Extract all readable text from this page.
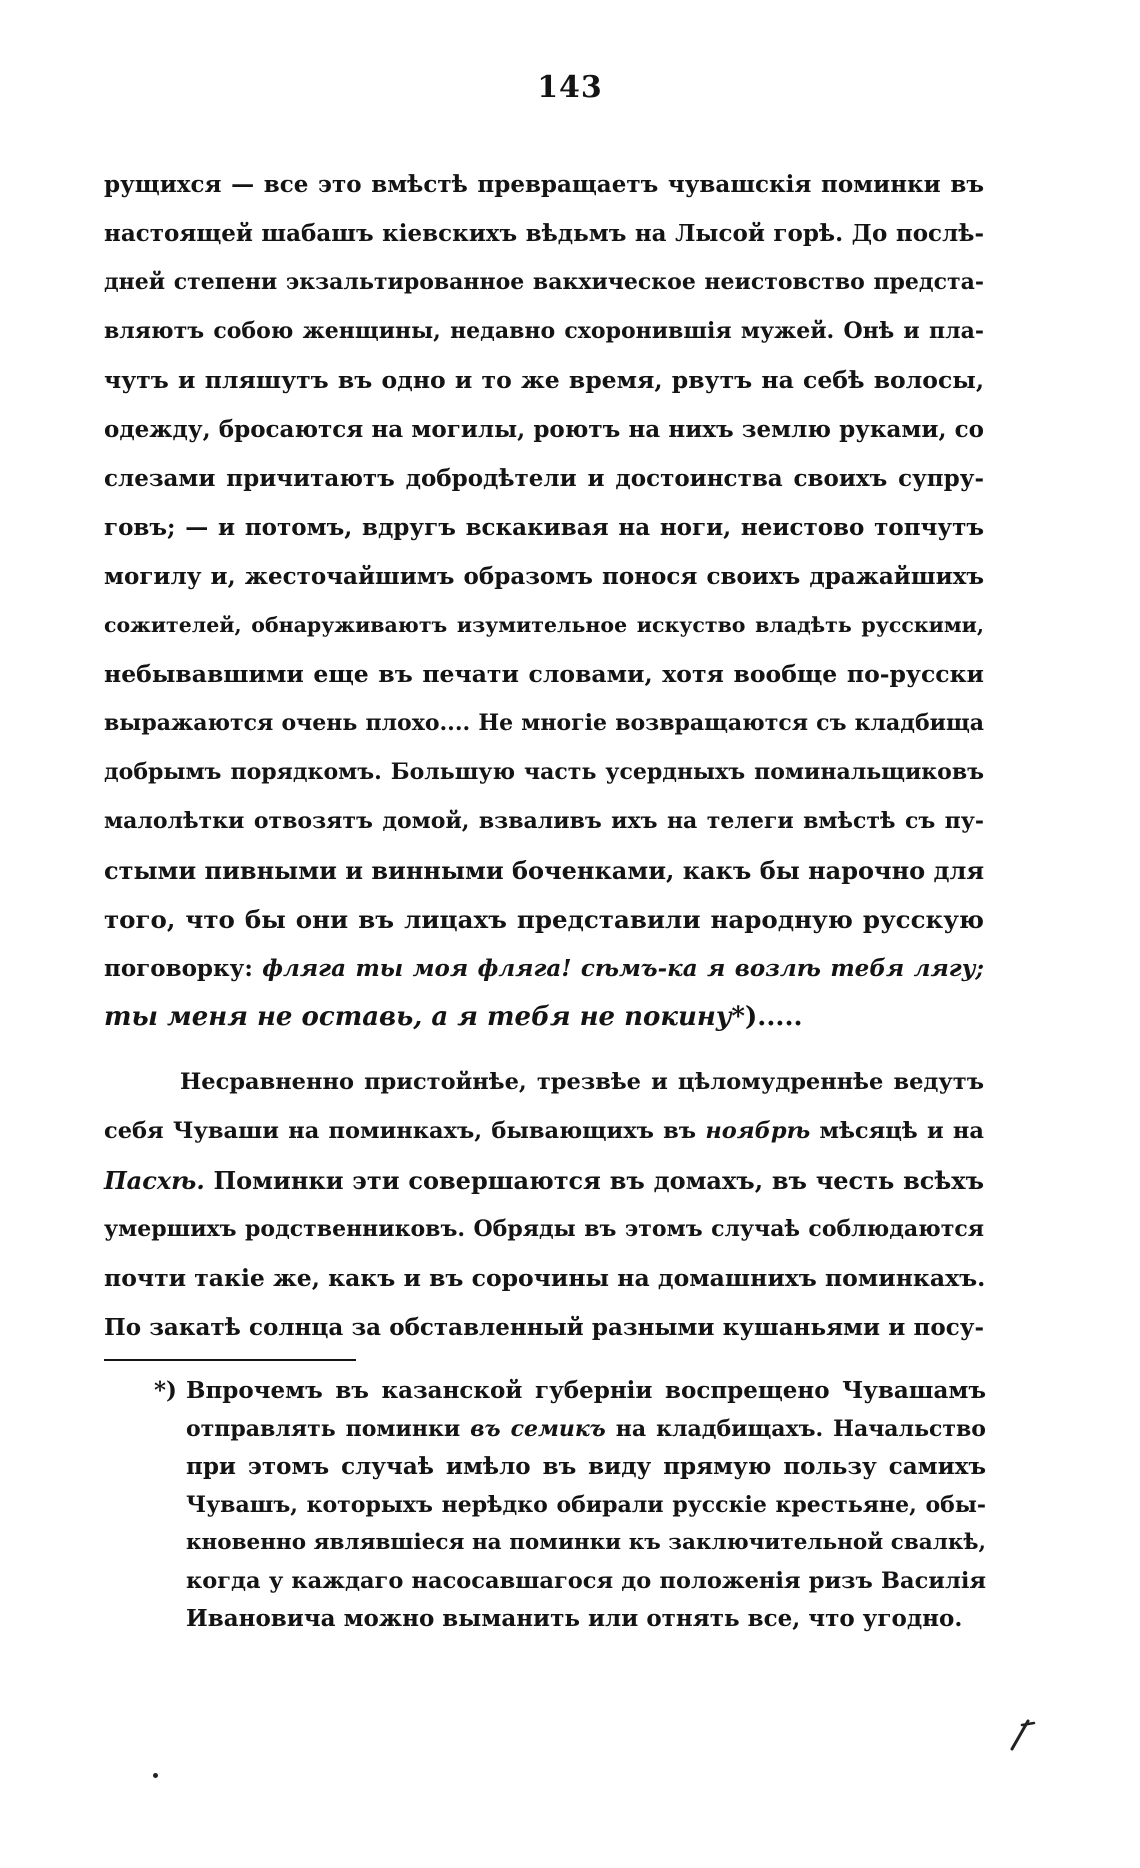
143
рущихся — все это вмѣстѣ превращаетъ чувашскія поминки въ
настоящей шабашъ кіевскихъ вѣдьмъ на Лысой горѣ. До послѣ-
дней степени экзальтированное вакхическое неистовство предста-
вляютъ собою женщины, недавно схоронившія мужей. Онѣ и пла-
чутъ и пляшутъ въ одно и то же время, рвутъ на себѣ волосы,
одежду, бросаются на могилы, роютъ на нихъ землю руками, со
слезами причитаютъ добродѣтели и достоинства своихъ супру-
говъ; — и потомъ, вдругъ вскакивая на ноги, неистово топчутъ
могилу и, жесточайшимъ образомъ понося своихъ дражайшихъ
сожителей, обнаруживаютъ изумительное искуство владѣть русскими,
небывавшими еще въ печати словами, хотя вообще по-русски
выражаются очень плохо.... Не многіе возвращаются съ кладбища
добрымъ порядкомъ. Большую часть усердныхъ поминальщиковъ
малолѣтки отвозятъ домой, взваливъ ихъ на телеги вмѣстѣ съ пу-
стыми пивными и винными боченками, какъ бы нарочно для
того, что бы они въ лицахъ представили народную русскую
поговорку: фляга ты моя фляга! сѣмъ-ка я возлѣ тебя лягу;
ты меня не оставь, а я тебя не покину*).....
Несравненно пристойнѣе, трезвѣе и цѣломудреннѣе ведутъ
себя Чуваши на поминкахъ, бывающихъ въ ноябрѣ мѣсяцѣ и на
Пасхѣ. Поминки эти совершаются въ домахъ, въ честь всѣхъ
умершихъ родственниковъ. Обряды въ этомъ случаѣ соблюдаются
почти такіе же, какъ и въ сорочины на домашнихъ поминкахъ.
По закатѣ солнца за обставленный разными кушаньями и посу-
*) Впрочемъ въ казанской губерніи воспрещено Чувашамъ
отправлять поминки въ семикъ на кладбищахъ. Начальство
при этомъ случаѣ имѣло въ виду прямую пользу самихъ
Чувашъ, которыхъ нерѣдко обирали русскіе крестьяне, обы-
кновенно являвшіеся на поминки къ заключительной свалкѣ,
когда у каждаго насосавшагося до положенія ризъ Василія
Ивановича можно выманить или отнять все, что угодно.
